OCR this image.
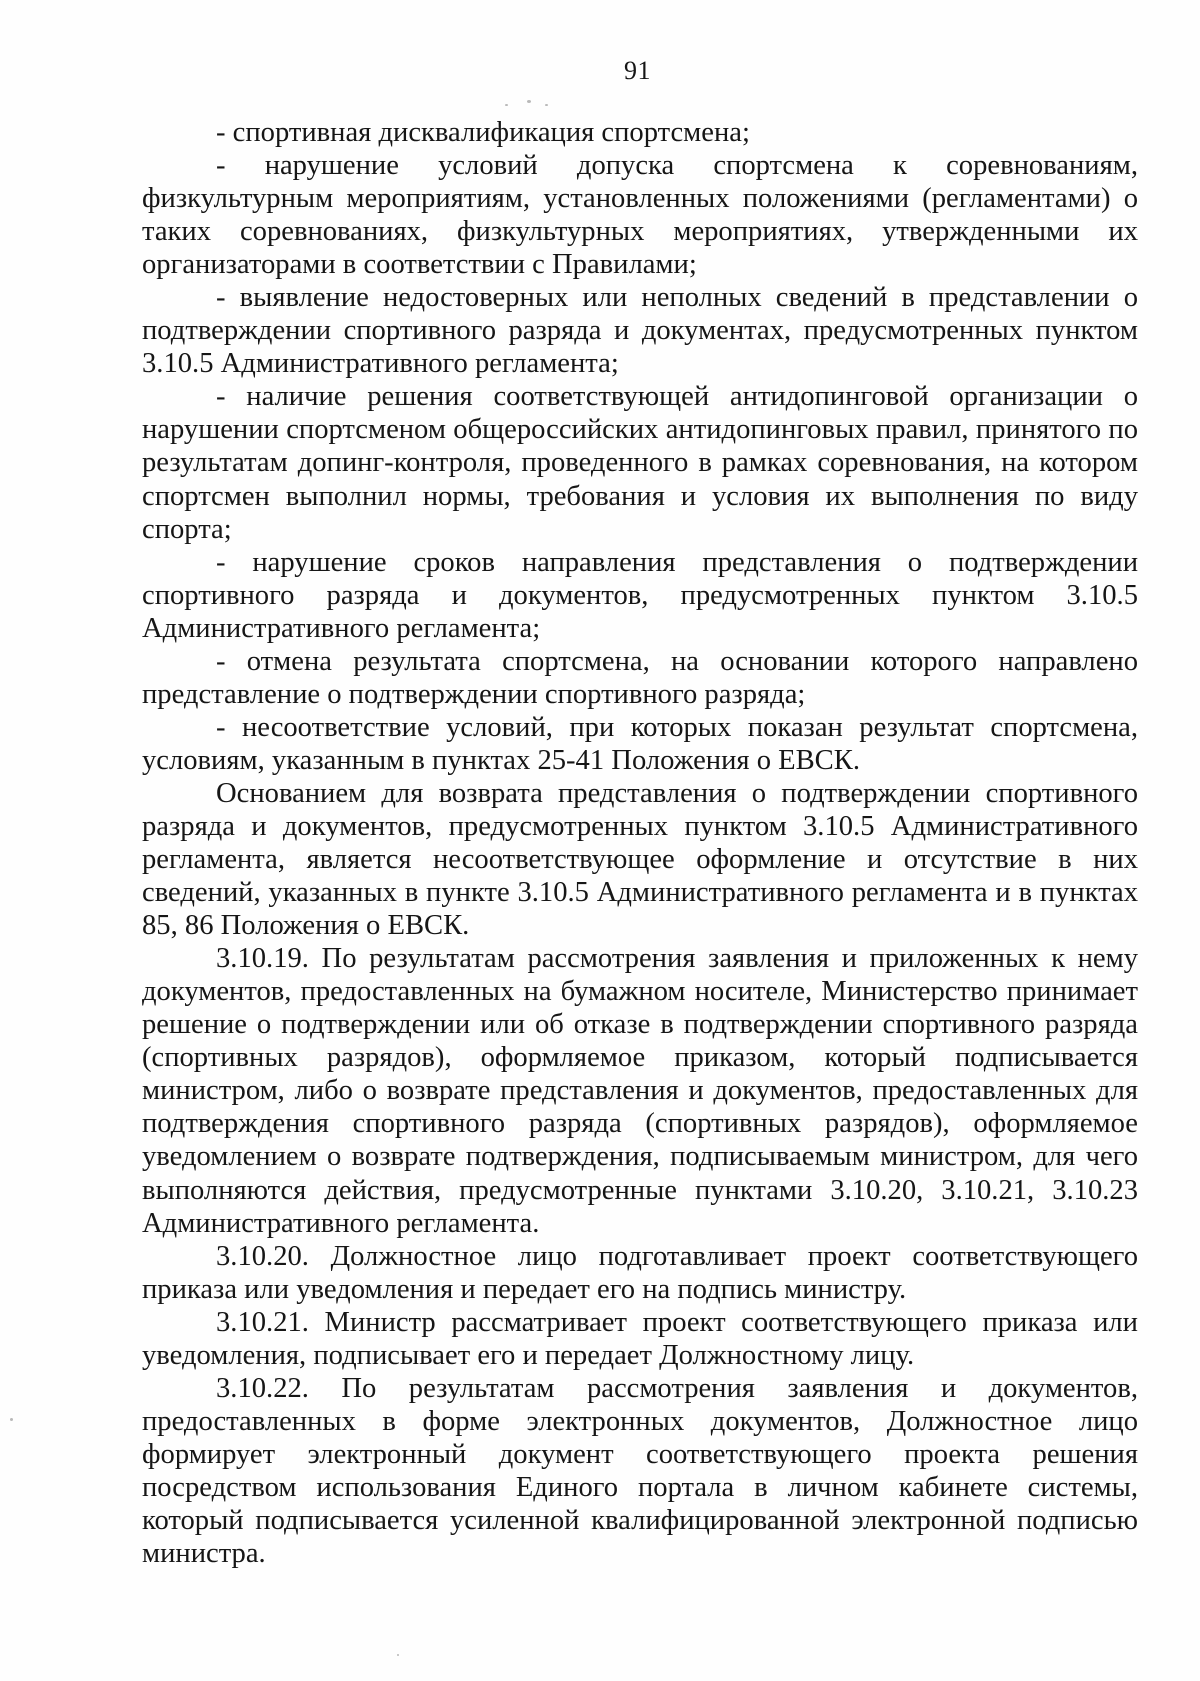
91

- спортивная дисквалификация спортсмена;

- нарушение условий допуска спортсмена к соревнованиям, физкультурным мероприятиям, установленных положениями (регламентами) о таких соревнованиях, физкультурных мероприятиях, утвержденными их организаторами в соответствии с Правилами;

- выявление недостоверных или неполных сведений в представлении о подтверждении спортивного разряда и документах, предусмотренных пунктом 3.10.5 Административного регламента;

- наличие решения соответствующей антидопинговой организации о нарушении спортсменом общероссийских антидопинговых правил, принятого по результатам допинг-контроля, проведенного в рамках соревнования, на котором спортсмен выполнил нормы, требования и условия их выполнения по виду спорта;

- нарушение сроков направления представления о подтверждении спортивного разряда и документов, предусмотренных пунктом 3.10.5 Административного регламента;

- отмена результата спортсмена, на основании которого направлено представление о подтверждении спортивного разряда;

- несоответствие условий, при которых показан результат спортсмена, условиям, указанным в пунктах 25-41 Положения о ЕВСК.

Основанием для возврата представления о подтверждении спортивного разряда и документов, предусмотренных пунктом 3.10.5 Административного регламента, является несоответствующее оформление и отсутствие в них сведений, указанных в пункте 3.10.5 Административного регламента и в пунктах 85, 86 Положения о ЕВСК.

3.10.19. По результатам рассмотрения заявления и приложенных к нему документов, предоставленных на бумажном носителе, Министерство принимает решение о подтверждении или об отказе в подтверждении спортивного разряда (спортивных разрядов), оформляемое приказом, который подписывается министром, либо о возврате представления и документов, предоставленных для подтверждения спортивного разряда (спортивных разрядов), оформляемое уведомлением о возврате подтверждения, подписываемым министром, для чего выполняются действия, предусмотренные пунктами 3.10.20, 3.10.21, 3.10.23 Административного регламента.

3.10.20. Должностное лицо подготавливает проект соответствующего приказа или уведомления и передает его на подпись министру.

3.10.21. Министр рассматривает проект соответствующего приказа или уведомления, подписывает его и передает Должностному лицу.

3.10.22. По результатам рассмотрения заявления и документов, предоставленных в форме электронных документов, Должностное лицо формирует электронный документ соответствующего проекта решения посредством использования Единого портала в личном кабинете системы, который подписывается усиленной квалифицированной электронной подписью министра.
